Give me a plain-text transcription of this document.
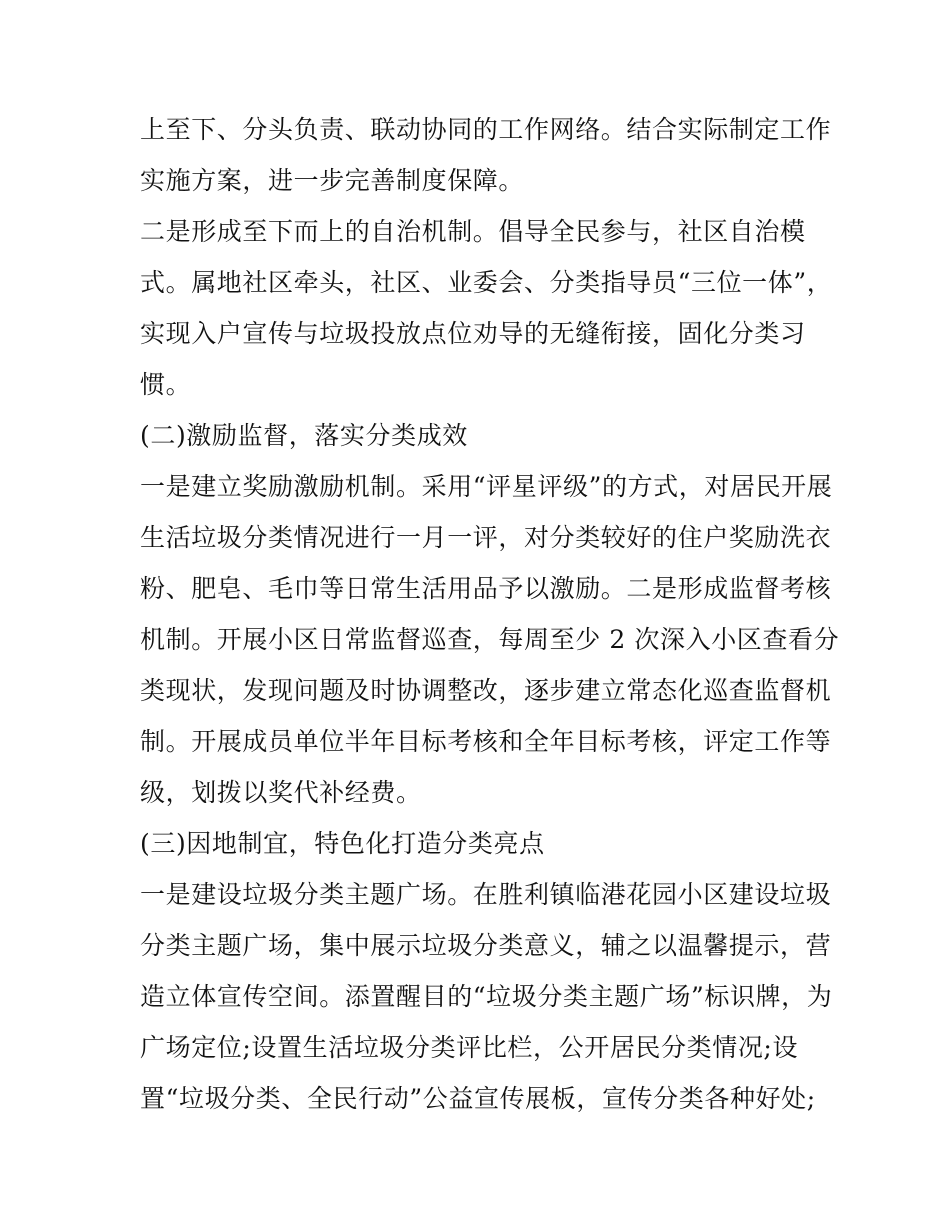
上至下、分头负责、联动协同的工作网络。结合实际制定工作
实施方案，进一步完善制度保障。
二是形成至下而上的自治机制。倡导全民参与，社区自治模
式。属地社区牵头，社区、业委会、分类指导员“三位一体”，
实现入户宣传与垃圾投放点位劝导的无缝衔接，固化分类习
惯。
(二)激励监督，落实分类成效
一是建立奖励激励机制。采用“评星评级”的方式，对居民开展
生活垃圾分类情况进行一月一评，对分类较好的住户奖励洗衣
粉、肥皂、毛巾等日常生活用品予以激励。二是形成监督考核
机制。开展小区日常监督巡查，每周至少 2 次深入小区查看分
类现状，发现问题及时协调整改，逐步建立常态化巡查监督机
制。开展成员单位半年目标考核和全年目标考核，评定工作等
级，划拨以奖代补经费。
(三)因地制宜，特色化打造分类亮点
一是建设垃圾分类主题广场。在胜利镇临港花园小区建设垃圾
分类主题广场，集中展示垃圾分类意义，辅之以温馨提示，营
造立体宣传空间。添置醒目的“垃圾分类主题广场”标识牌，为
广场定位;设置生活垃圾分类评比栏，公开居民分类情况;设
置“垃圾分类、全民行动”公益宣传展板，宣传分类各种好处;
